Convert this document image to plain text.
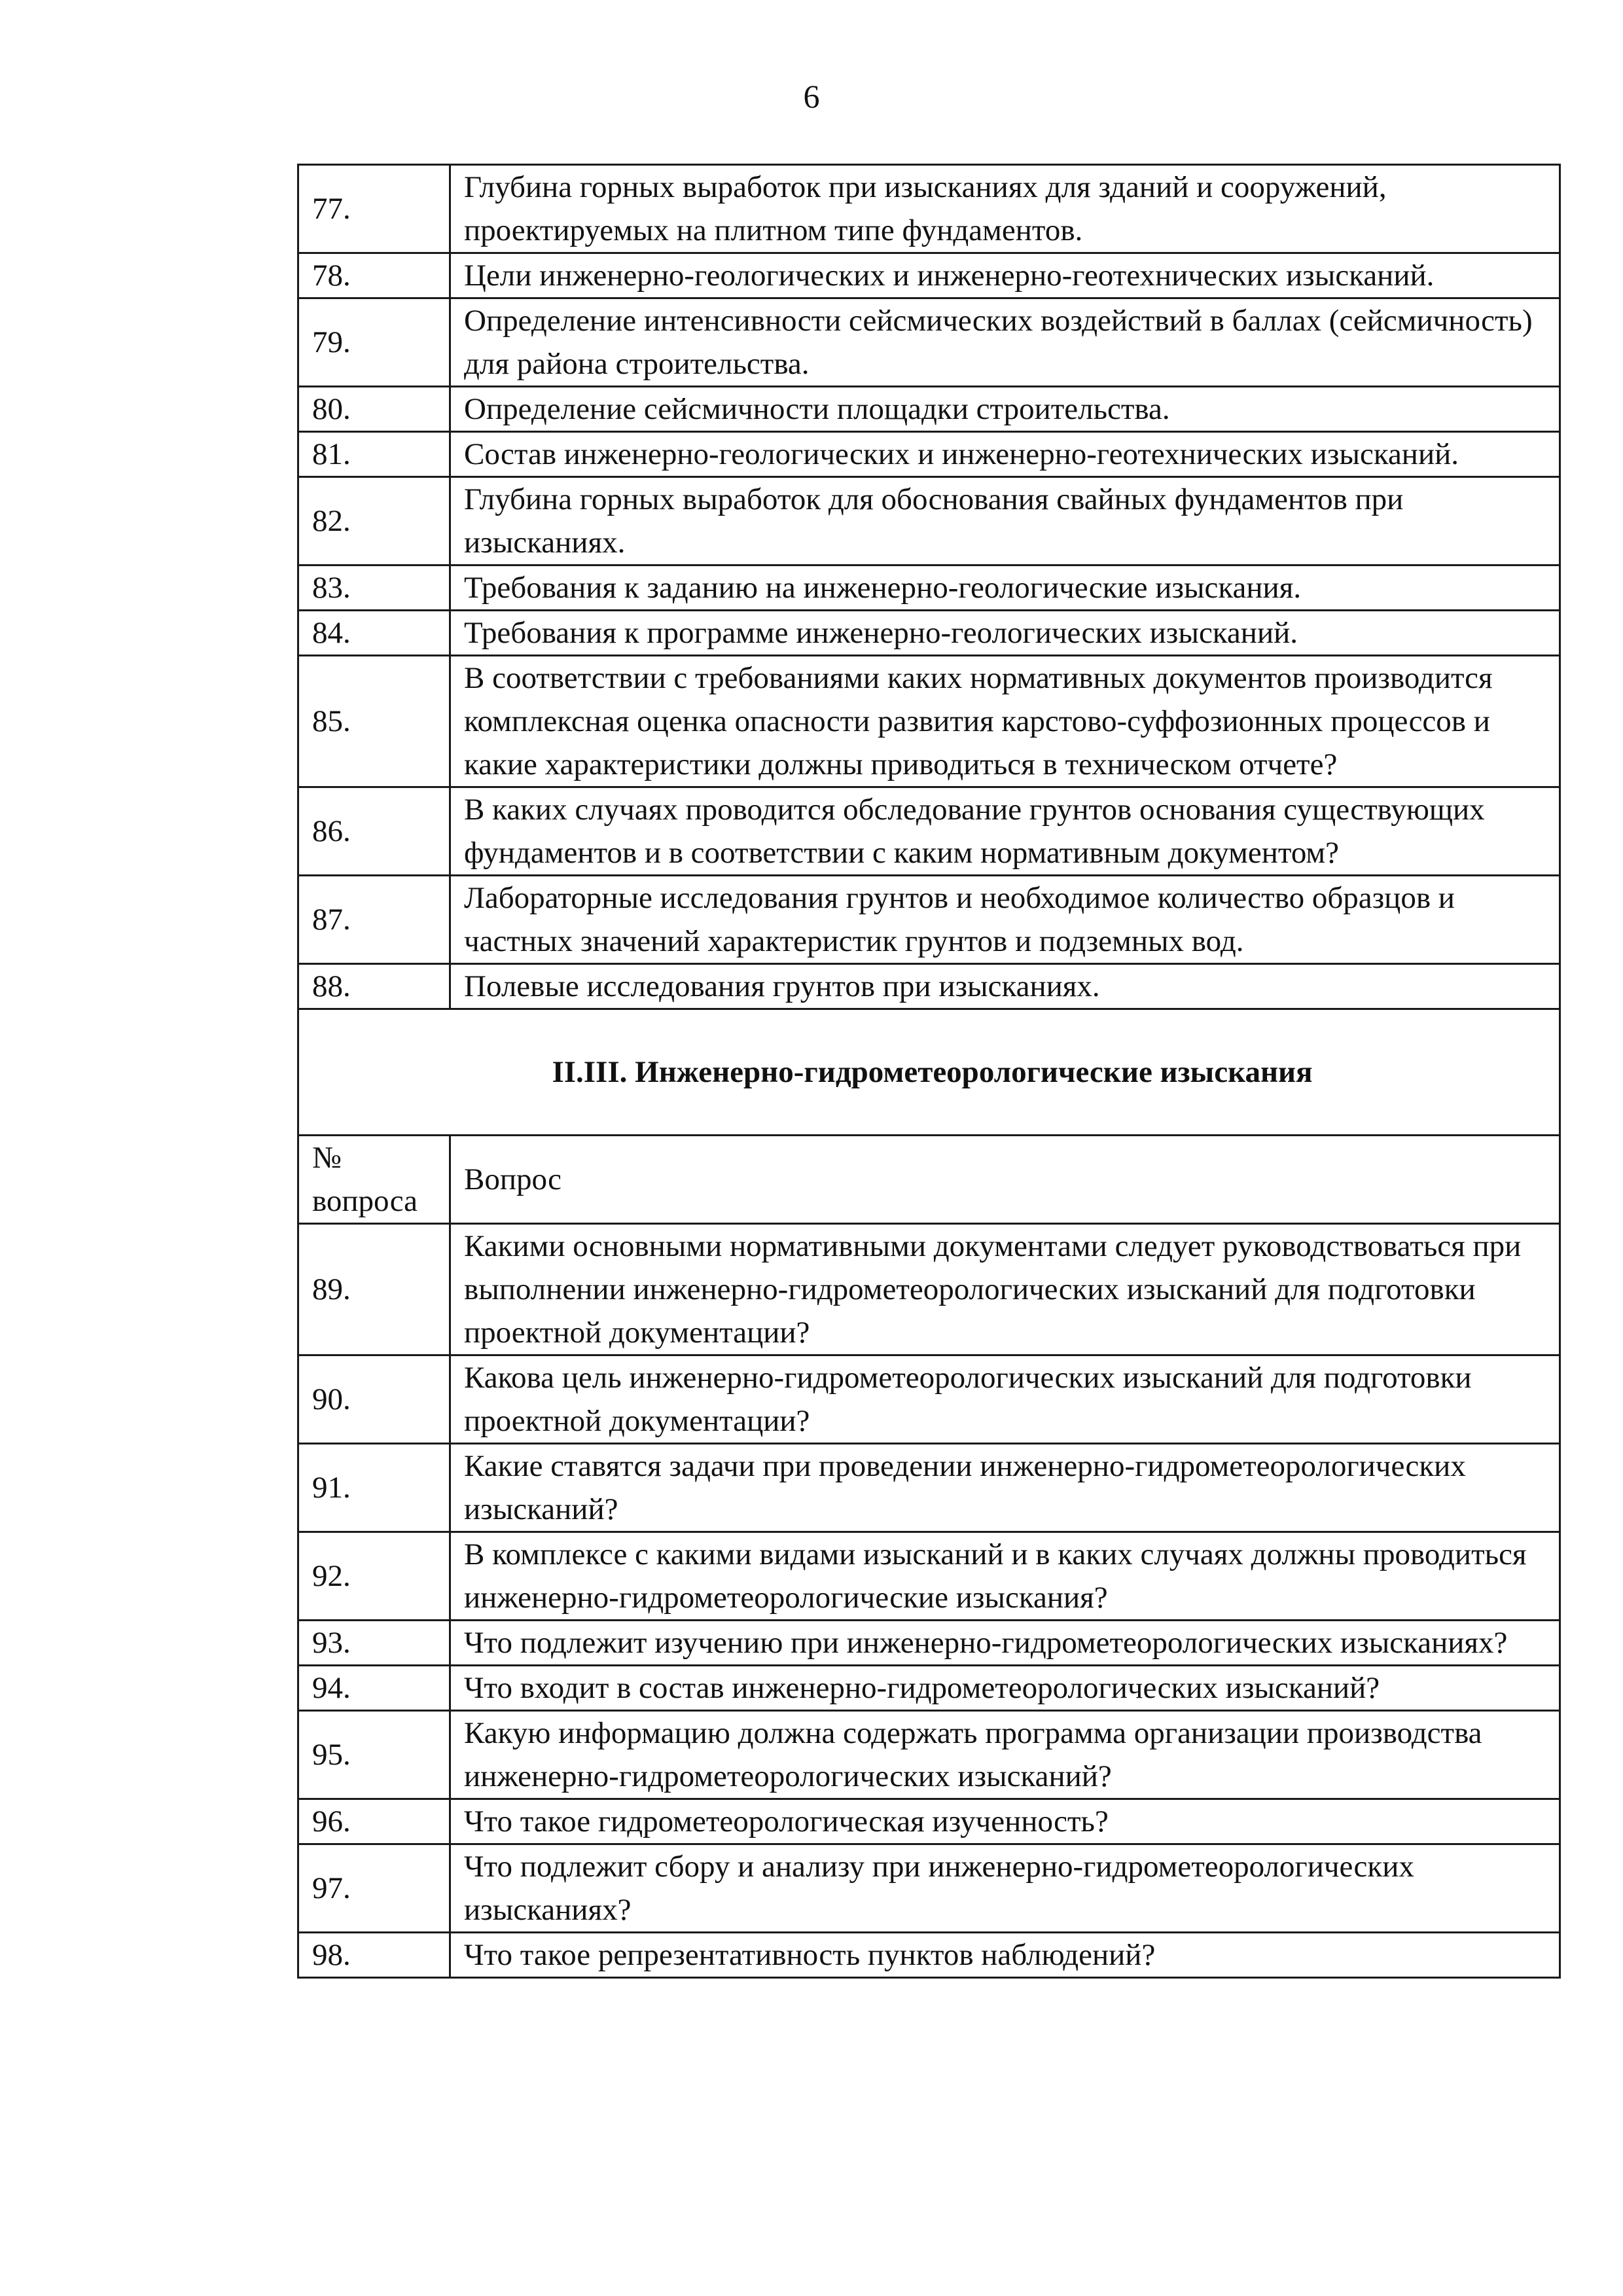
6
77.	Глубина горных выработок при изысканиях для зданий и сооружений, проектируемых на плитном типе фундаментов.
78.	Цели инженерно-геологических и инженерно-геотехнических изысканий.
79.	Определение интенсивности сейсмических воздействий в баллах (сейсмичность) для района строительства.
80.	Определение сейсмичности площадки строительства.
81.	Состав инженерно-геологических и инженерно-геотехнических изысканий.
82.	Глубина горных выработок для обоснования свайных фундаментов при изысканиях.
83.	Требования к заданию на инженерно-геологические изыскания.
84.	Требования к программе инженерно-геологических изысканий.
85.	В соответствии с требованиями каких нормативных документов производится комплексная оценка опасности развития карстово-суффозионных процессов и какие характеристики должны приводиться в техническом отчете?
86.	В каких случаях проводится обследование грунтов основания существующих фундаментов и в соответствии с каким нормативным документом?
87.	Лабораторные исследования грунтов и необходимое количество образцов и частных значений характеристик грунтов и подземных вод.
88.	Полевые исследования грунтов при изысканиях.
II.III. Инженерно-гидрометеорологические изыскания	
№
вопроса	Вопрос
89.	Какими основными нормативными документами следует руководствоваться при выполнении инженерно-гидрометеорологических изысканий для подготовки проектной документации?
90.	Какова цель инженерно-гидрометеорологических изысканий для подготовки проектной документации?
91.	Какие ставятся задачи при проведении инженерно-гидрометеорологических изысканий?
92.	В комплексе с какими видами изысканий и в каких случаях должны проводиться инженерно-гидрометеорологические изыскания?
93.	Что подлежит изучению при инженерно-гидрометеорологических изысканиях?
94.	Что входит в состав инженерно-гидрометеорологических изысканий?
95.	Какую информацию должна содержать программа организации производства инженерно-гидрометеорологических изысканий?
96.	Что такое гидрометеорологическая изученность?
97.	Что подлежит сбору и анализу при инженерно-гидрометеорологических изысканиях?
98.	Что такое репрезентативность пунктов наблюдений?
